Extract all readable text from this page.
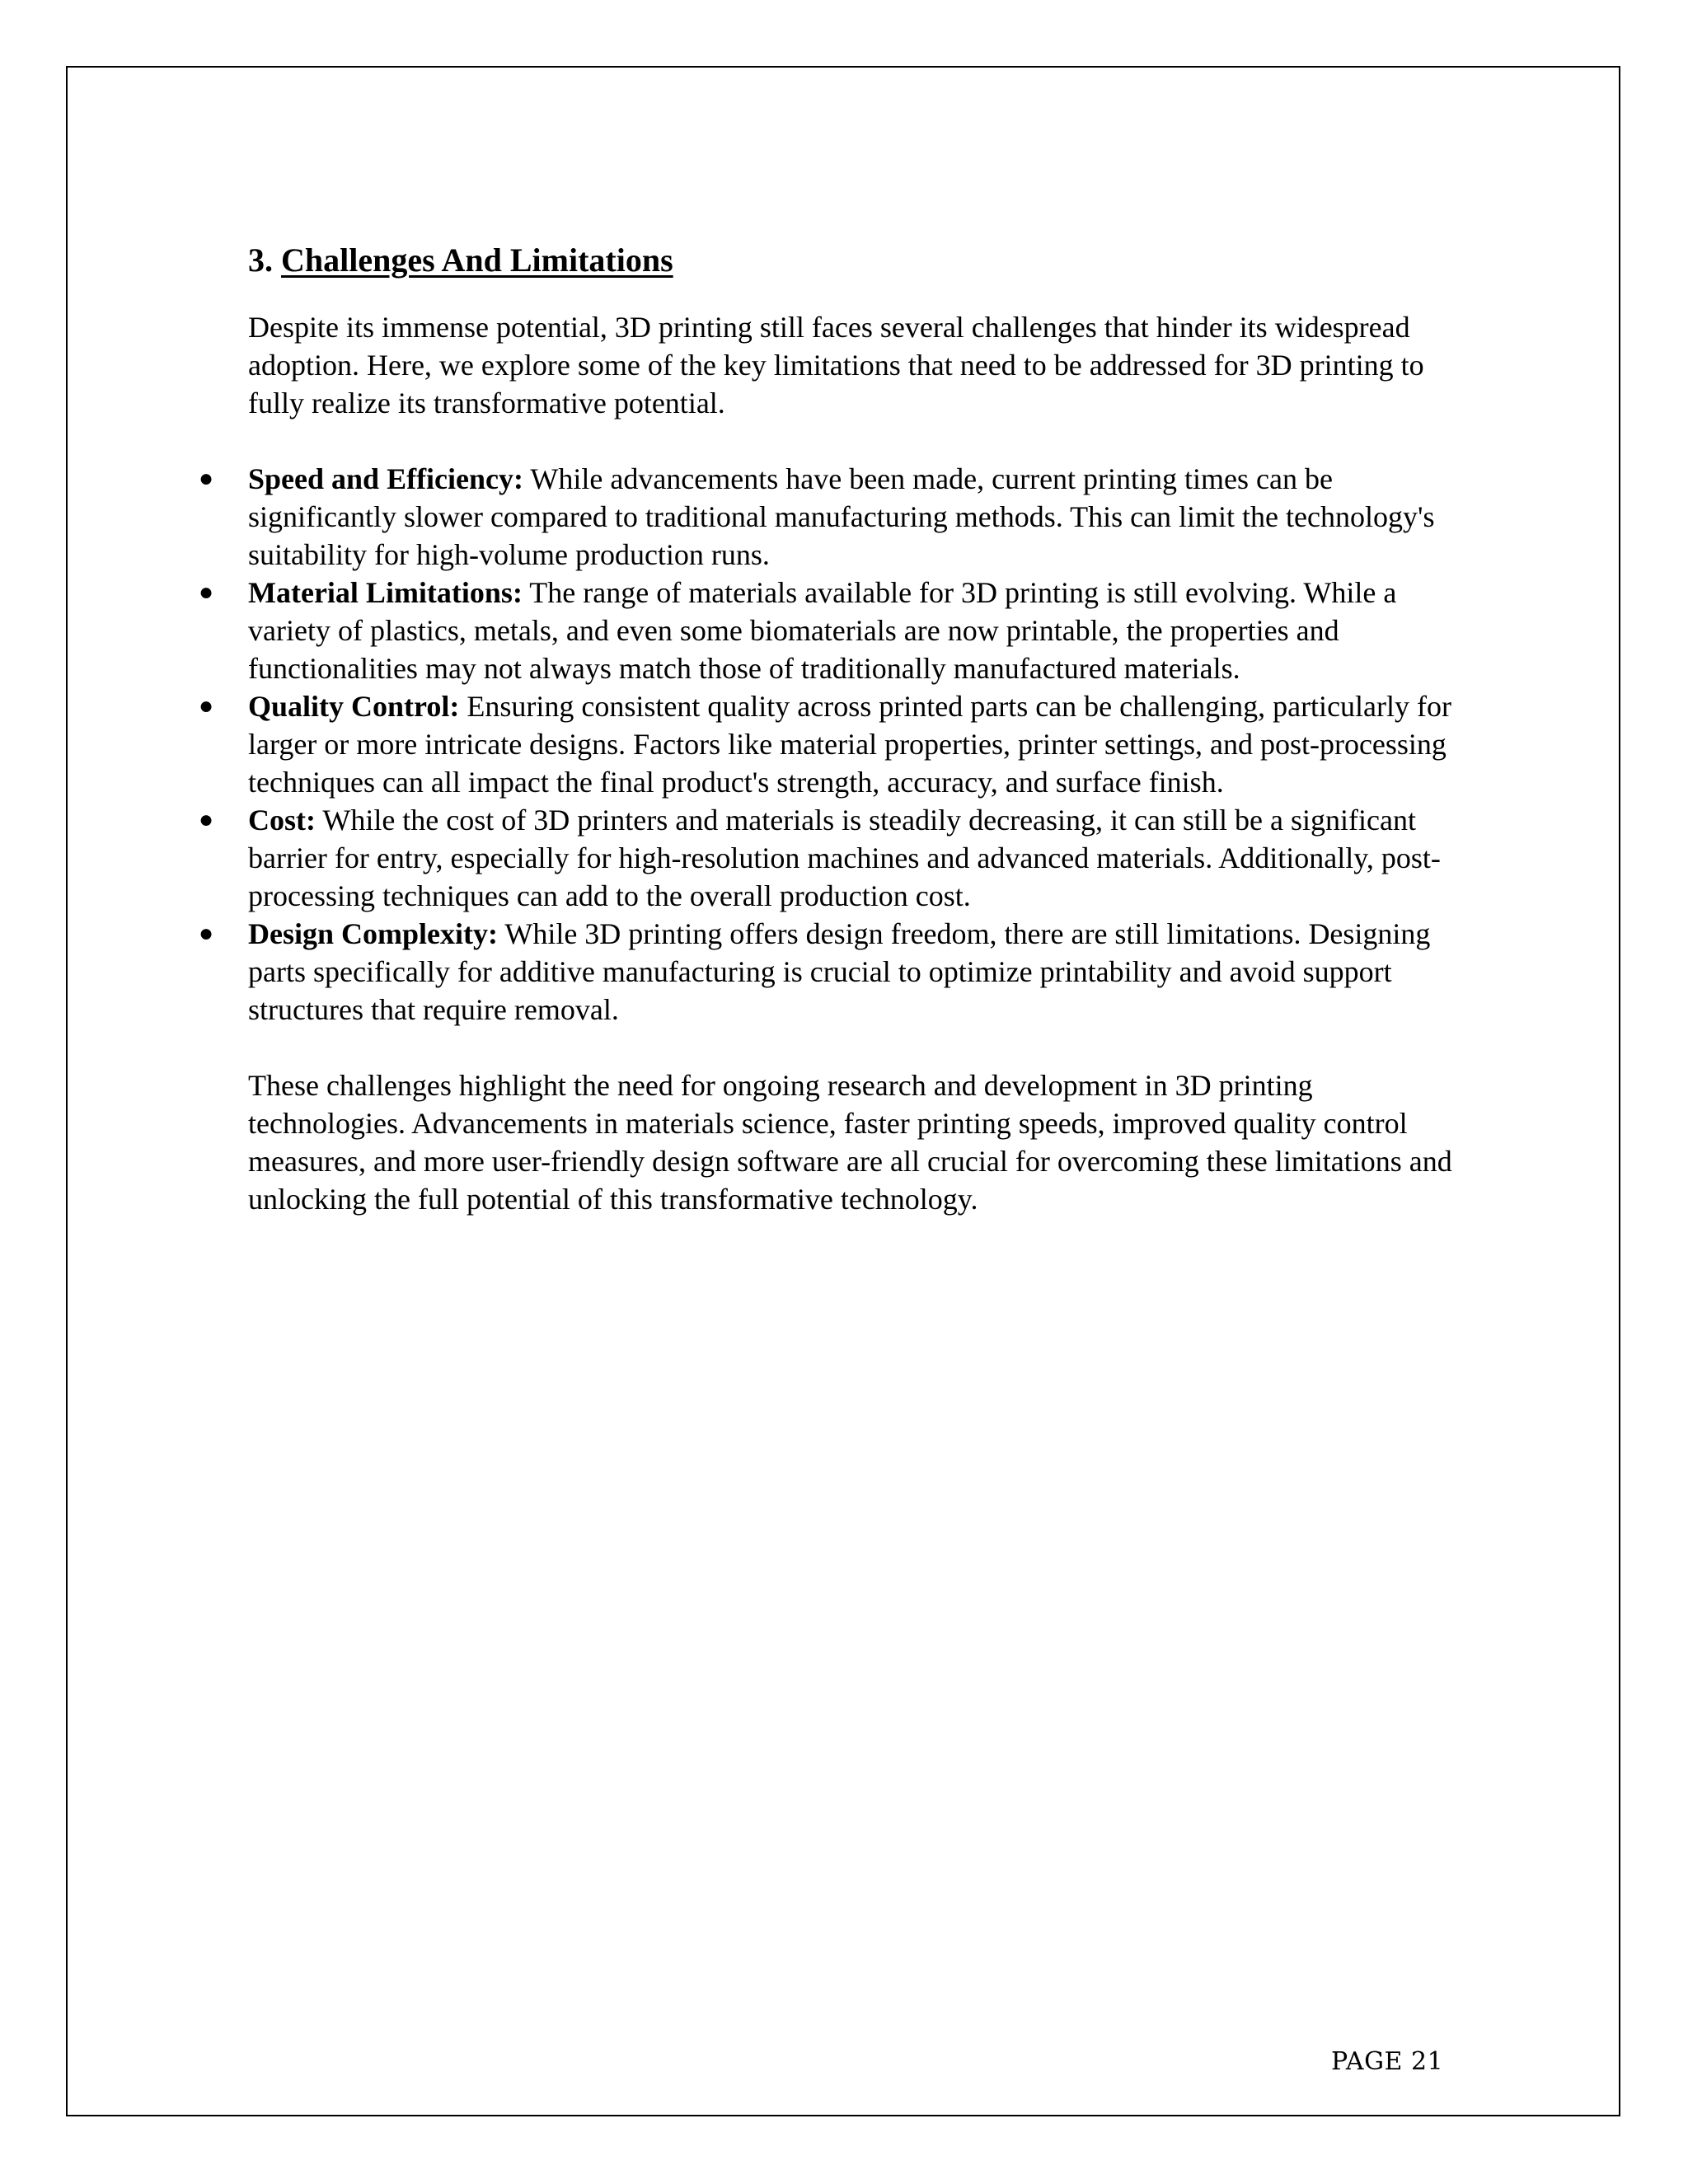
3. Challenges And Limitations

Despite its immense potential, 3D printing still faces several challenges that hinder its widespread adoption. Here, we explore some of the key limitations that need to be addressed for 3D printing to fully realize its transformative potential.

● Speed and Efficiency: While advancements have been made, current printing times can be significantly slower compared to traditional manufacturing methods. This can limit the technology's suitability for high-volume production runs.
● Material Limitations: The range of materials available for 3D printing is still evolving. While a variety of plastics, metals, and even some biomaterials are now printable, the properties and functionalities may not always match those of traditionally manufactured materials.
● Quality Control: Ensuring consistent quality across printed parts can be challenging, particularly for larger or more intricate designs. Factors like material properties, printer settings, and post-processing techniques can all impact the final product's strength, accuracy, and surface finish.
● Cost: While the cost of 3D printers and materials is steadily decreasing, it can still be a significant barrier for entry, especially for high-resolution machines and advanced materials. Additionally, post-processing techniques can add to the overall production cost.
● Design Complexity: While 3D printing offers design freedom, there are still limitations. Designing parts specifically for additive manufacturing is crucial to optimize printability and avoid support structures that require removal.

These challenges highlight the need for ongoing research and development in 3D printing technologies. Advancements in materials science, faster printing speeds, improved quality control measures, and more user-friendly design software are all crucial for overcoming these limitations and unlocking the full potential of this transformative technology.

PAGE 21
